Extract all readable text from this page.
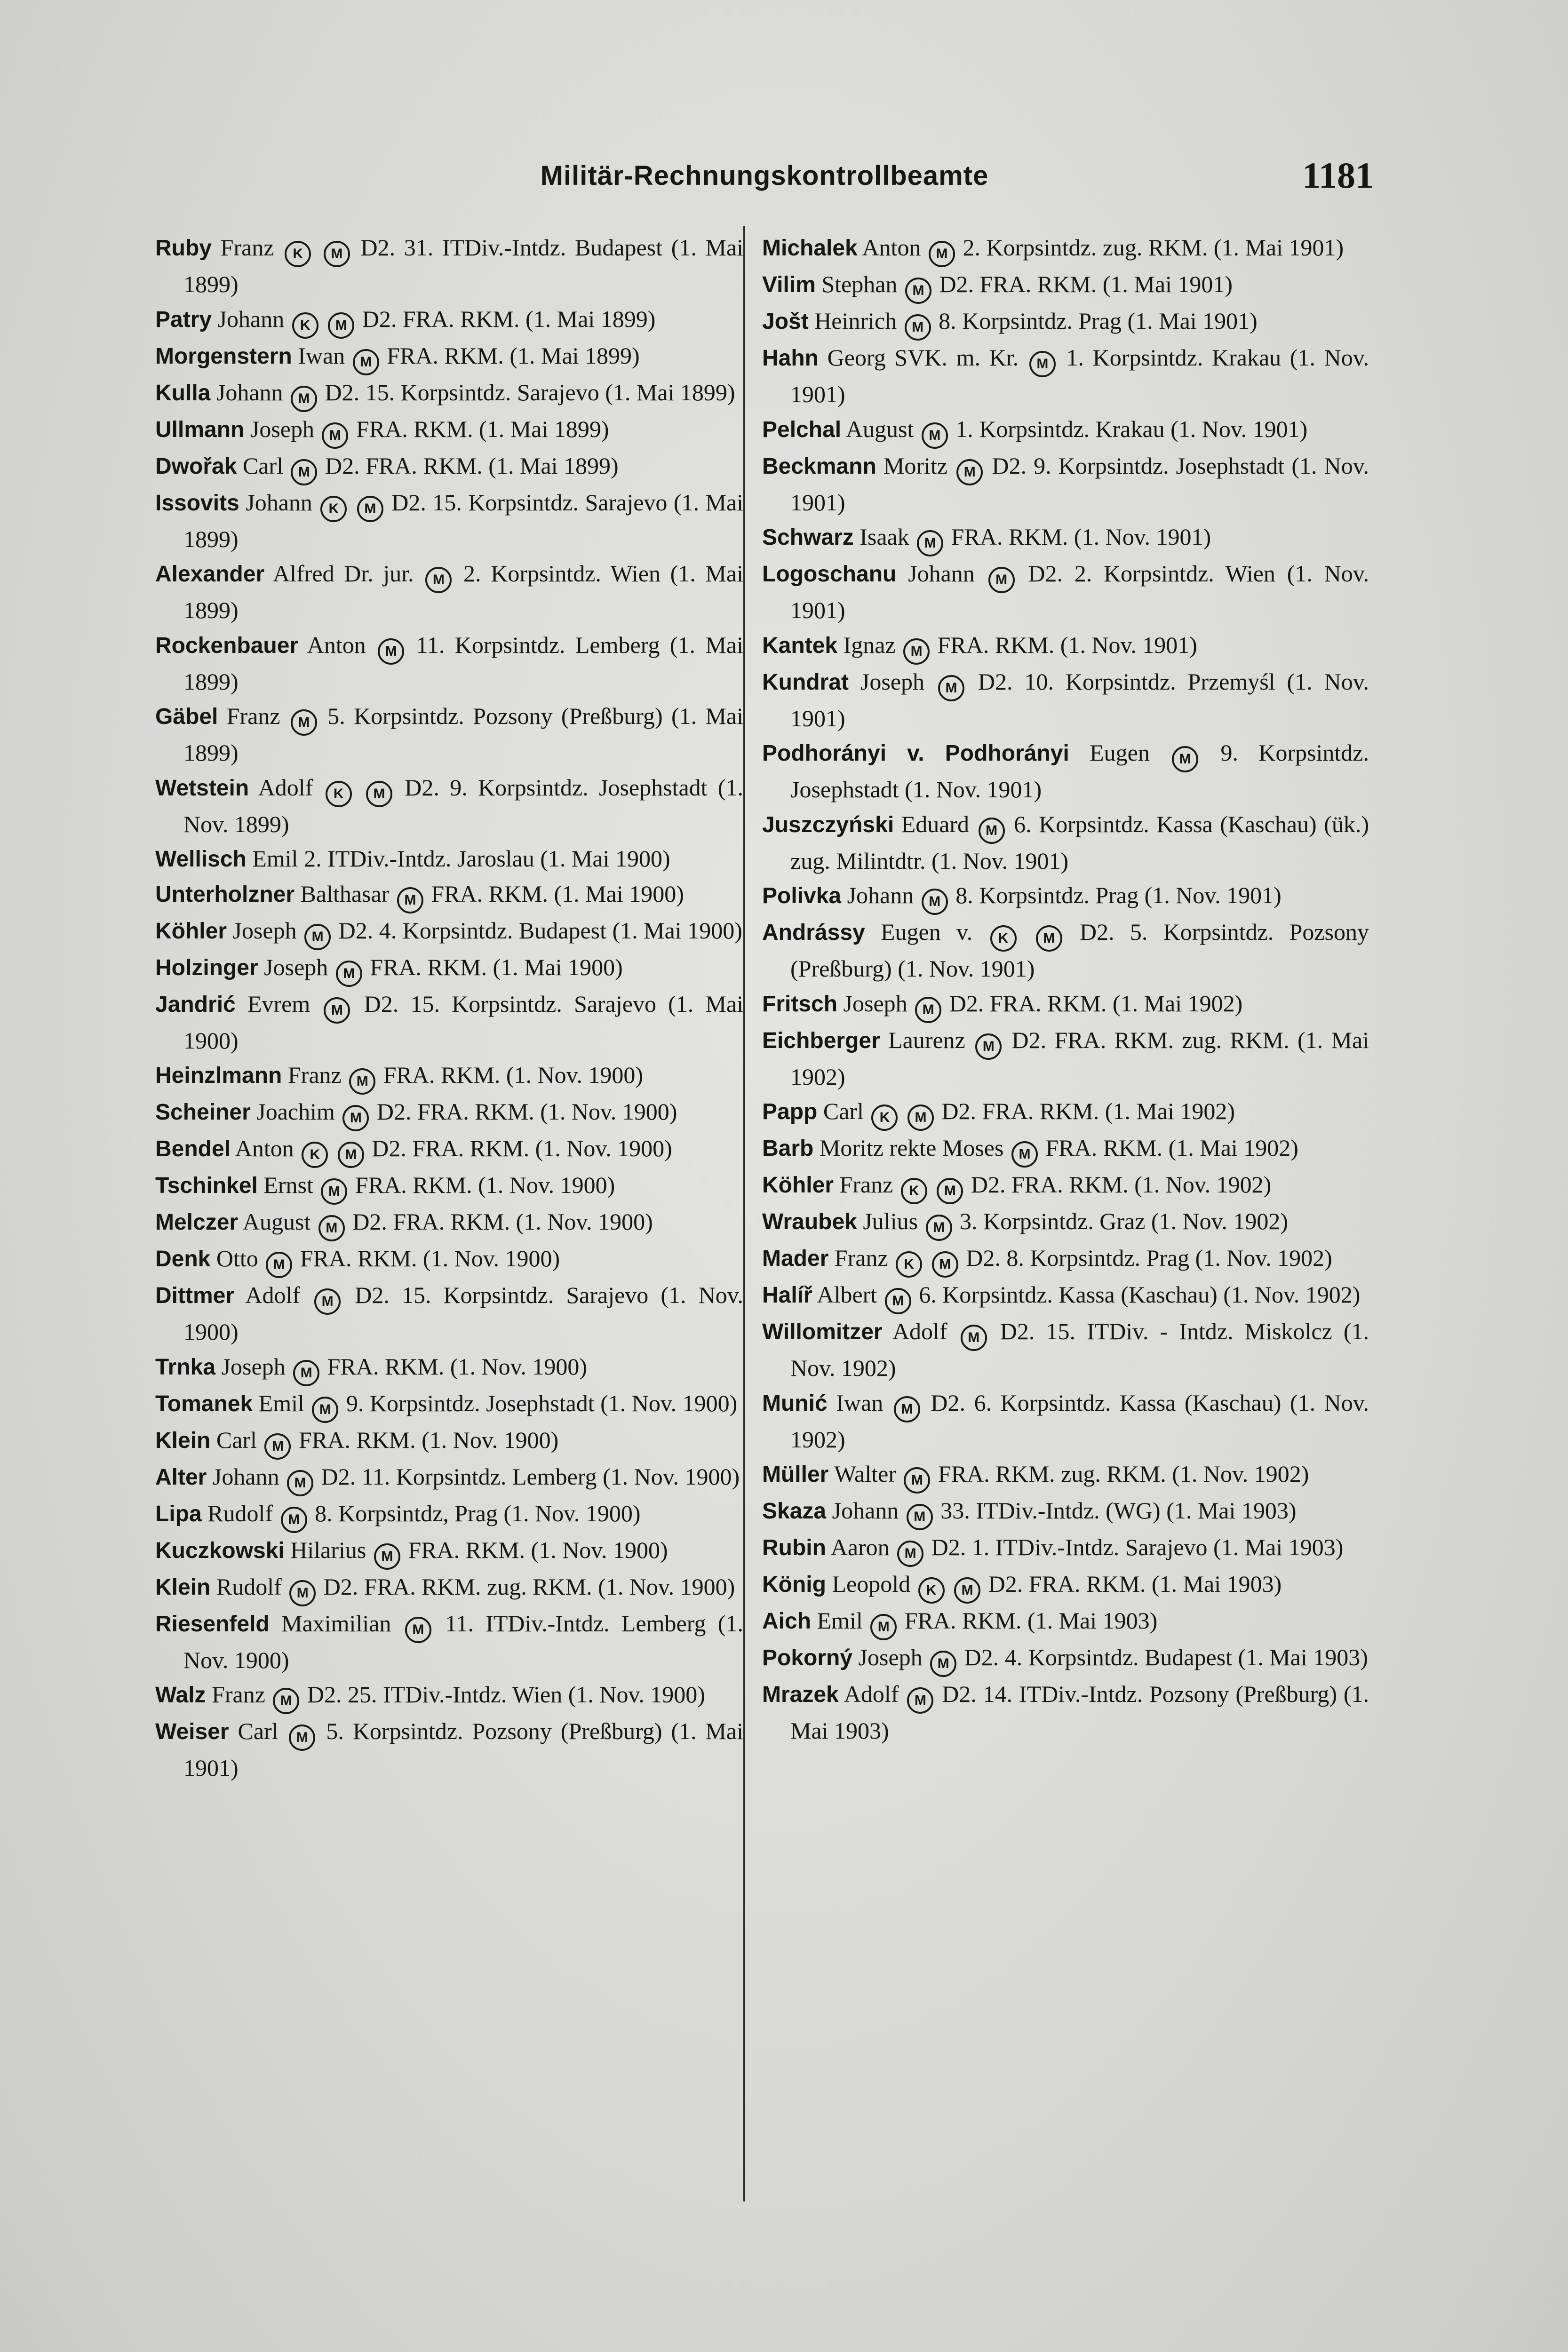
Militär-Rechnungskontrollbeamte	1181
Ruby Franz K M D2. 31. ITDiv.-Intdz. Budapest (1. Mai 1899)
Patry Johann K M D2. FRA. RKM. (1. Mai 1899)
Morgenstern Iwan M FRA. RKM. (1. Mai 1899)
Kulla Johann M D2. 15. Korpsintdz. Sarajevo (1. Mai 1899)
Ullmann Joseph M FRA. RKM. (1. Mai 1899)
Dwořak Carl M D2. FRA. RKM. (1. Mai 1899)
Issovits Johann K M D2. 15. Korpsintdz. Sarajevo (1. Mai 1899)
Alexander Alfred Dr. jur. M 2. Korpsintdz. Wien (1. Mai 1899)
Rockenbauer Anton M 11. Korpsintdz. Lemberg (1. Mai 1899)
Gäbel Franz M 5. Korpsintdz. Pozsony (Preßburg) (1. Mai 1899)
Wetstein Adolf K M D2. 9. Korpsintdz. Josephstadt (1. Nov. 1899)
Wellisch Emil 2. ITDiv.-Intdz. Jaroslau (1. Mai 1900)
Unterholzner Balthasar M FRA. RKM. (1. Mai 1900)
Köhler Joseph M D2. 4. Korpsintdz. Budapest (1. Mai 1900)
Holzinger Joseph M FRA. RKM. (1. Mai 1900)
Jandrić Evrem M D2. 15. Korpsintdz. Sarajevo (1. Mai 1900)
Heinzlmann Franz M FRA. RKM. (1. Nov. 1900)
Scheiner Joachim M D2. FRA. RKM. (1. Nov. 1900)
Bendel Anton K M D2. FRA. RKM. (1. Nov. 1900)
Tschinkel Ernst M FRA. RKM. (1. Nov. 1900)
Melczer August M D2. FRA. RKM. (1. Nov. 1900)
Denk Otto M FRA. RKM. (1. Nov. 1900)
Dittmer Adolf M D2. 15. Korpsintdz. Sarajevo (1. Nov. 1900)
Trnka Joseph M FRA. RKM. (1. Nov. 1900)
Tomanek Emil M 9. Korpsintdz. Josephstadt (1. Nov. 1900)
Klein Carl M FRA. RKM. (1. Nov. 1900)
Alter Johann M D2. 11. Korpsintdz. Lemberg (1. Nov. 1900)
Lipa Rudolf M 8. Korpsintdz, Prag (1. Nov. 1900)
Kuczkowski Hilarius M FRA. RKM. (1. Nov. 1900)
Klein Rudolf M D2. FRA. RKM. zug. RKM. (1. Nov. 1900)
Riesenfeld Maximilian M 11. ITDiv.-Intdz. Lemberg (1. Nov. 1900)
Walz Franz M D2. 25. ITDiv.-Intdz. Wien (1. Nov. 1900)
Weiser Carl M 5. Korpsintdz. Pozsony (Preßburg) (1. Mai 1901)
Michalek Anton M 2. Korpsintdz. zug. RKM. (1. Mai 1901)
Vilim Stephan M D2. FRA. RKM. (1. Mai 1901)
Jošt Heinrich M 8. Korpsintdz. Prag (1. Mai 1901)
Hahn Georg SVK. m. Kr. M 1. Korpsintdz. Krakau (1. Nov. 1901)
Pelchal August M 1. Korpsintdz. Krakau (1. Nov. 1901)
Beckmann Moritz M D2. 9. Korpsintdz. Josephstadt (1. Nov. 1901)
Schwarz Isaak M FRA. RKM. (1. Nov. 1901)
Logoschanu Johann M D2. 2. Korpsintdz. Wien (1. Nov. 1901)
Kantek Ignaz M FRA. RKM. (1. Nov. 1901)
Kundrat Joseph M D2. 10. Korpsintdz. Przemyśl (1. Nov. 1901)
Podhorányi v. Podhorányi Eugen M 9. Korpsintdz. Josephstadt (1. Nov. 1901)
Juszczyński Eduard M 6. Korpsintdz. Kassa (Kaschau) (ük.) zug. Milintdtr. (1. Nov. 1901)
Polivka Johann M 8. Korpsintdz. Prag (1. Nov. 1901)
Andrássy Eugen v. K M D2. 5. Korpsintdz. Pozsony (Preßburg) (1. Nov. 1901)
Fritsch Joseph M D2. FRA. RKM. (1. Mai 1902)
Eichberger Laurenz M D2. FRA. RKM. zug. RKM. (1. Mai 1902)
Papp Carl K M D2. FRA. RKM. (1. Mai 1902)
Barb Moritz rekte Moses M FRA. RKM. (1. Mai 1902)
Köhler Franz K M D2. FRA. RKM. (1. Nov. 1902)
Wraubek Julius M 3. Korpsintdz. Graz (1. Nov. 1902)
Mader Franz K M D2. 8. Korpsintdz. Prag (1. Nov. 1902)
Halíř Albert M 6. Korpsintdz. Kassa (Kaschau) (1. Nov. 1902)
Willomitzer Adolf M D2. 15. ITDiv. - Intdz. Miskolcz (1. Nov. 1902)
Munić Iwan M D2. 6. Korpsintdz. Kassa (Kaschau) (1. Nov. 1902)
Müller Walter M FRA. RKM. zug. RKM. (1. Nov. 1902)
Skaza Johann M 33. ITDiv.-Intdz. (WG) (1. Mai 1903)
Rubin Aaron M D2. 1. ITDiv.-Intdz. Sarajevo (1. Mai 1903)
König Leopold K M D2. FRA. RKM. (1. Mai 1903)
Aich Emil M FRA. RKM. (1. Mai 1903)
Pokorný Joseph M D2. 4. Korpsintdz. Budapest (1. Mai 1903)
Mrazek Adolf M D2. 14. ITDiv.-Intdz. Pozsony (Preßburg) (1. Mai 1903)
